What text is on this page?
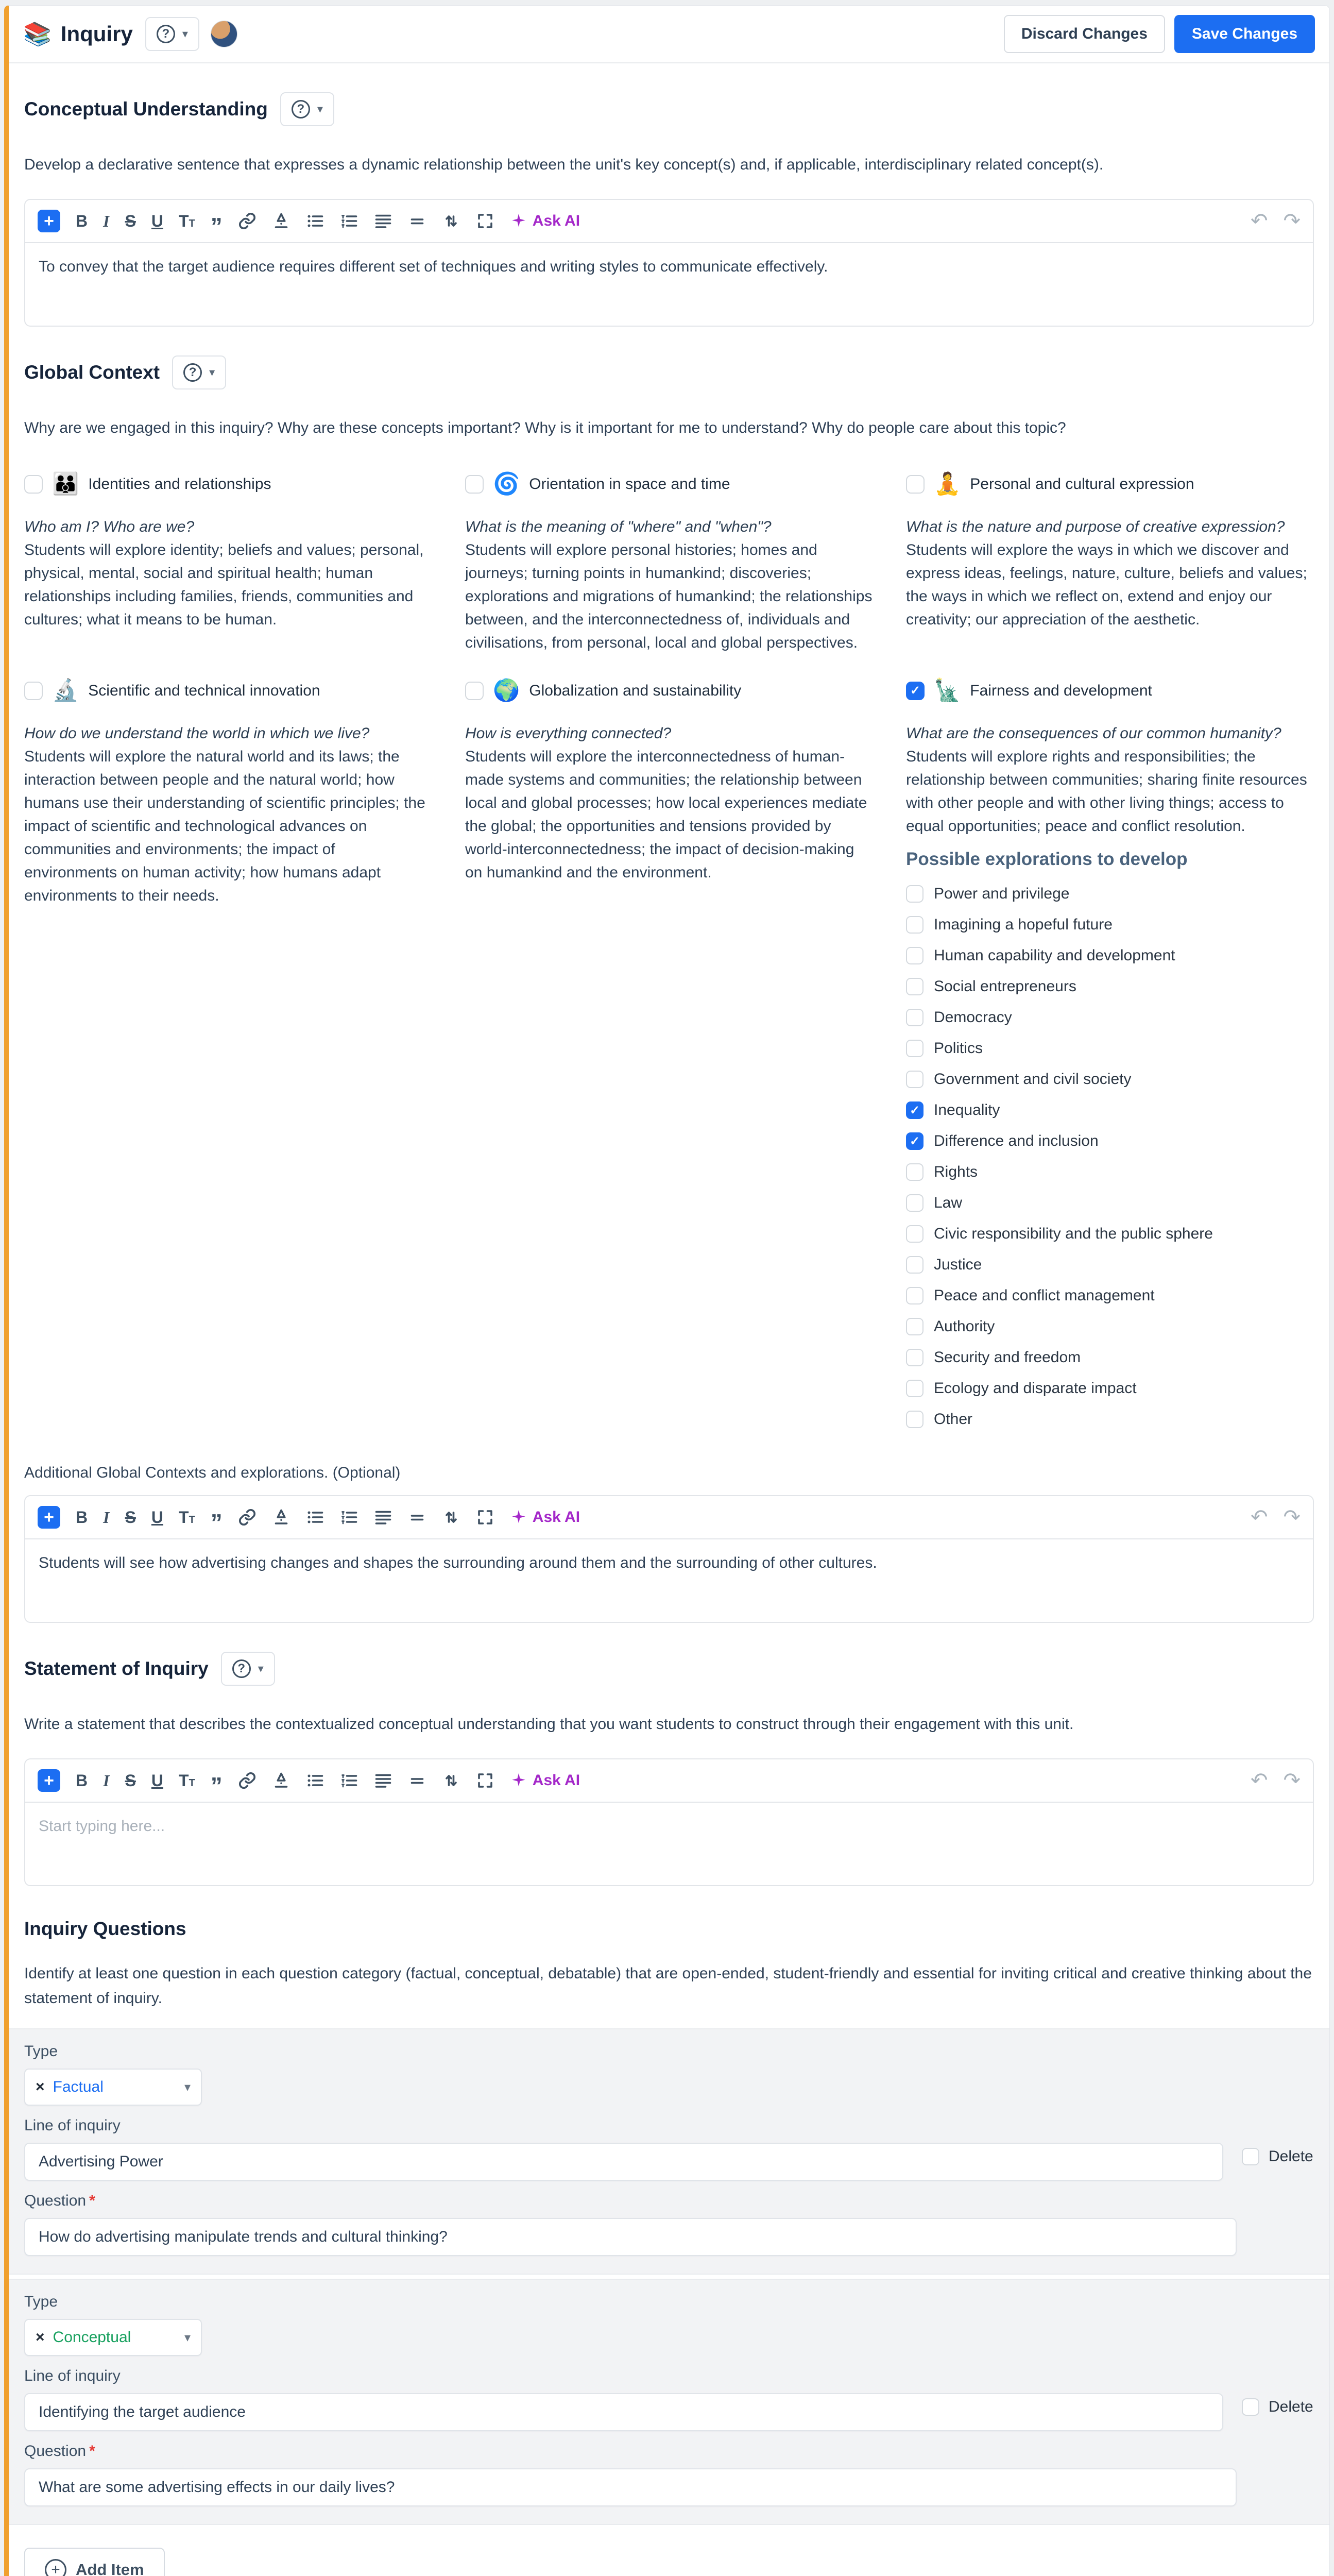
📚 Inquiry	?	▾	Discard Changes	Save Changes
Conceptual Understanding	?	▾

Develop a declarative sentence that expresses a dynamic relationship between the unit's key concept(s) and, if applicable, interdisciplinary related concept(s).

+	B I S U TT ”	Ask AI	↶ ↷
To convey that the target audience requires different set of techniques and writing styles to communicate effectively.
Global Context	?	▾

Why are we engaged in this inquiry? Why are these concepts important? Why is it important for me to understand? Why do people care about this topic?

👪 Identities and relationships

Who am I? Who are we?

Students will explore identity; beliefs and values; personal, physical, mental, social and spiritual health; human relationships including families, friends, communities and cultures; what it means to be human.

🌀 Orientation in space and time

What is the meaning of "where" and "when"?

Students will explore personal histories; homes and journeys; turning points in humankind; discoveries; explorations and migrations of humankind; the relationships between, and the interconnectedness of, individuals and civilisations, from personal, local and global perspectives.

🧘 Personal and cultural expression

What is the nature and purpose of creative expression?

Students will explore the ways in which we discover and express ideas, feelings, nature, culture, beliefs and values; the ways in which we reflect on, extend and enjoy our creativity; our appreciation of the aesthetic.

🔬 Scientific and technical innovation

How do we understand the world in which we live?

Students will explore the natural world and its laws; the interaction between people and the natural world; how humans use their understanding of scientific principles; the impact of scientific and technological advances on communities and environments; the impact of environments on human activity; how humans adapt environments to their needs.

🌍 Globalization and sustainability

How is everything connected?

Students will explore the interconnectedness of human-made systems and communities; the relationship between local and global processes; how local experiences mediate the global; the opportunities and tensions provided by world-interconnectedness; the impact of decision-making on humankind and the environment.

✓
🗽 Fairness and development

What are the consequences of our common humanity?

Students will explore rights and responsibilities; the relationship between communities; sharing finite resources with other people and with other living things; access to equal opportunities; peace and conflict resolution.

Possible explorations to develop
Power and privilege
Imagining a hopeful future
Human capability and development
Social entrepreneurs
Democracy
Politics
Government and civil society
✓
Inequality
✓
Difference and inclusion
Rights
Law
Civic responsibility and the public sphere
Justice
Peace and conflict management
Authority
Security and freedom
Ecology and disparate impact
Other

Additional Global Contexts and explorations. (Optional)

+	B I S U TT ”	Ask AI	↶ ↷
Students will see how advertising changes and shapes the surrounding around them and the surrounding of other cultures.
Statement of Inquiry	?	▾

Write a statement that describes the contextualized conceptual understanding that you want students to construct through their engagement with this unit.

+	B I S U TT ”	Ask AI	↶ ↷
Start typing here...
Inquiry Questions

Identify at least one question in each question category (factual, conceptual, debatable) that are open-ended, student-friendly and essential for inviting critical and creative thinking about the statement of inquiry.

Type
× Factual	▾
Line of inquiry
Advertising Power	Delete
Question *
How do advertising manipulate trends and cultural thinking?
Type
× Conceptual	▾
Line of inquiry
Identifying the target audience	Delete
Question *
What are some advertising effects in our daily lives?
+ Add Item
